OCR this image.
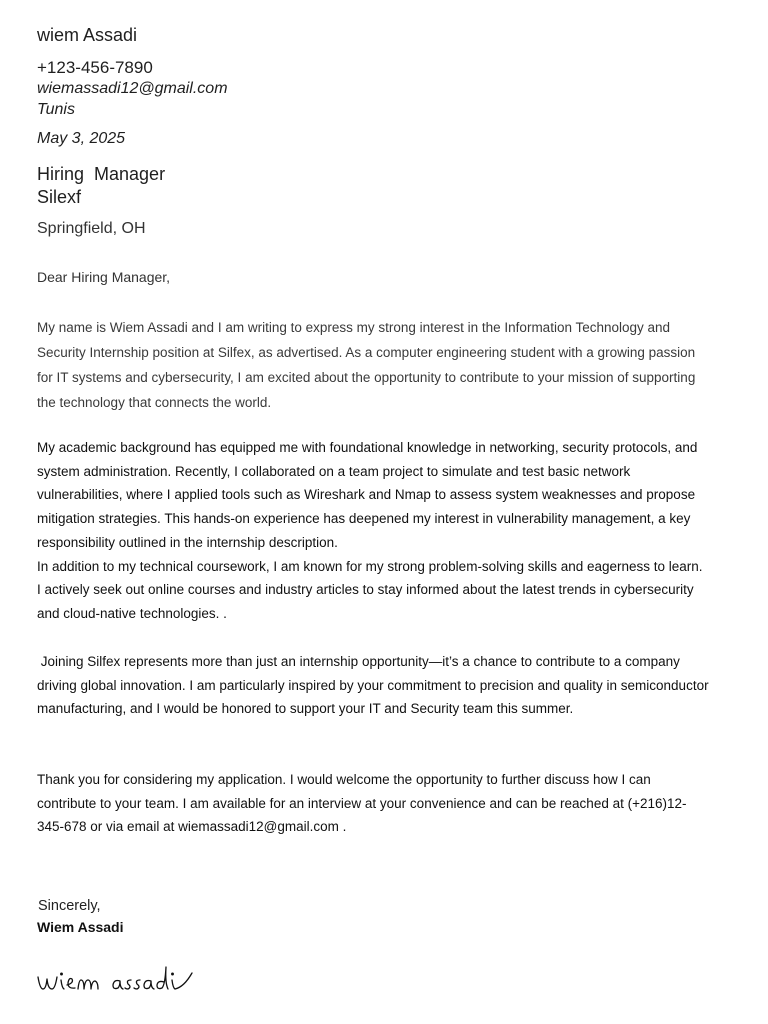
wiem Assadi
+123-456-7890
wiemassadi12@gmail.com
Tunis
May 3, 2025
Hiring  Manager
Silexf
Springfield, OH
Dear Hiring Manager,

My name is Wiem Assadi and I am writing to express my strong interest in the Information Technology and Security Internship position at Silfex, as advertised. As a computer engineering student with a growing passion for IT systems and cybersecurity, I am excited about the opportunity to contribute to your mission of supporting the technology that connects the world.

My academic background has equipped me with foundational knowledge in networking, security protocols, and system administration. Recently, I collaborated on a team project to simulate and test basic network vulnerabilities, where I applied tools such as Wireshark and Nmap to assess system weaknesses and propose mitigation strategies. This hands-on experience has deepened my interest in vulnerability management, a key responsibility outlined in the internship description.
In addition to my technical coursework, I am known for my strong problem-solving skills and eagerness to learn. I actively seek out online courses and industry articles to stay informed about the latest trends in cybersecurity and cloud-native technologies. .

Joining Silfex represents more than just an internship opportunity—it’s a chance to contribute to a company driving global innovation. I am particularly inspired by your commitment to precision and quality in semiconductor manufacturing, and I would be honored to support your IT and Security team this summer.

Thank you for considering my application. I would welcome the opportunity to further discuss how I can contribute to your team. I am available for an interview at your convenience and can be reached at (+216)12-345-678 or via email at wiemassadi12@gmail.com .

Sincerely,
Wiem Assadi
